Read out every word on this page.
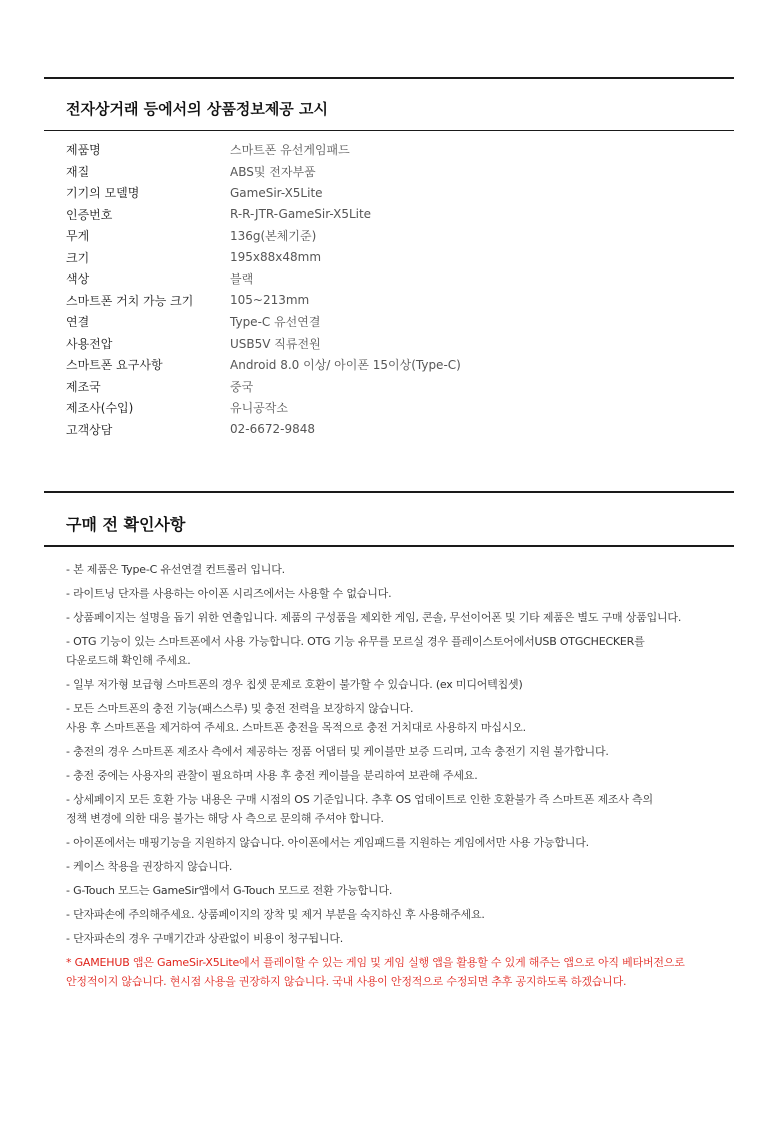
전자상거래 등에서의 상품정보제공 고시
제품명	스마트폰 유선게임패드
재질	ABS및 전자부품
기기의 모델명	GameSir-X5Lite
인증번호	R-R-JTR-GameSir-X5Lite
무게	136g(본체기준)
크기	195x88x48mm
색상	블랙
스마트폰 거치 가능 크기	105~213mm
연결	Type-C 유선연결
사용전압	USB5V 직류전원
스마트폰 요구사항	Android 8.0 이상/ 아이폰 15이상(Type-C)
제조국	중국
제조사(수입)	유니공작소
고객상담	02-6672-9848
구매 전 확인사항
- 본 제품은 Type-C 유선연결 컨트롤러 입니다.
- 라이트닝 단자를 사용하는 아이폰 시리즈에서는 사용할 수 없습니다.
- 상품페이지는 설명을 돕기 위한 연출입니다. 제품의 구성품을 제외한 게임, 콘솔, 무선이어폰 및 기타 제품은 별도 구매 상품입니다.
- OTG 기능이 있는 스마트폰에서 사용 가능합니다. OTG 기능 유무를 모르실 경우 플레이스토어에서USB OTGCHECKER를
다운로드해 확인해 주세요.
- 일부 저가형 보급형 스마트폰의 경우 칩셋 문제로 호환이 불가할 수 있습니다. (ex 미디어텍칩셋)
- 모든 스마트폰의 충전 기능(패스스루) 및 충전 전력을 보장하지 않습니다.
사용 후 스마트폰을 제거하여 주세요. 스마트폰 충전을 목적으로 충전 거치대로 사용하지 마십시오.
- 충전의 경우 스마트폰 제조사 측에서 제공하는 정품 어댑터 및 케이블만 보증 드리며, 고속 충전기 지원 불가합니다.
- 충전 중에는 사용자의 관찰이 필요하며 사용 후 충전 케이블을 분리하여 보관해 주세요.
- 상세페이지 모든 호환 가능 내용은 구매 시점의 OS 기준입니다. 추후 OS 업데이트로 인한 호환불가 즉 스마트폰 제조사 측의
정책 변경에 의한 대응 불가는 해당 사 측으로 문의해 주셔야 합니다.
- 아이폰에서는 매핑기능을 지원하지 않습니다. 아이폰에서는 게임패드를 지원하는 게임에서만 사용 가능합니다.
- 케이스 착용을 권장하지 않습니다.
- G-Touch 모드는 GameSir앱에서 G-Touch 모드로 전환 가능합니다.
- 단자파손에 주의해주세요. 상품페이지의 장착 및 제거 부분을 숙지하신 후 사용해주세요.
- 단자파손의 경우 구매기간과 상관없이 비용이 청구됩니다.
* GAMEHUB 앱은 GameSir-X5Lite에서 플레이할 수 있는 게임 및 게임 실행 앱을 활용할 수 있게 해주는 앱으로 아직 베타버전으로
안정적이지 않습니다. 현시점 사용을 권장하지 않습니다. 국내 사용이 안정적으로 수정되면 추후 공지하도록 하겠습니다.
